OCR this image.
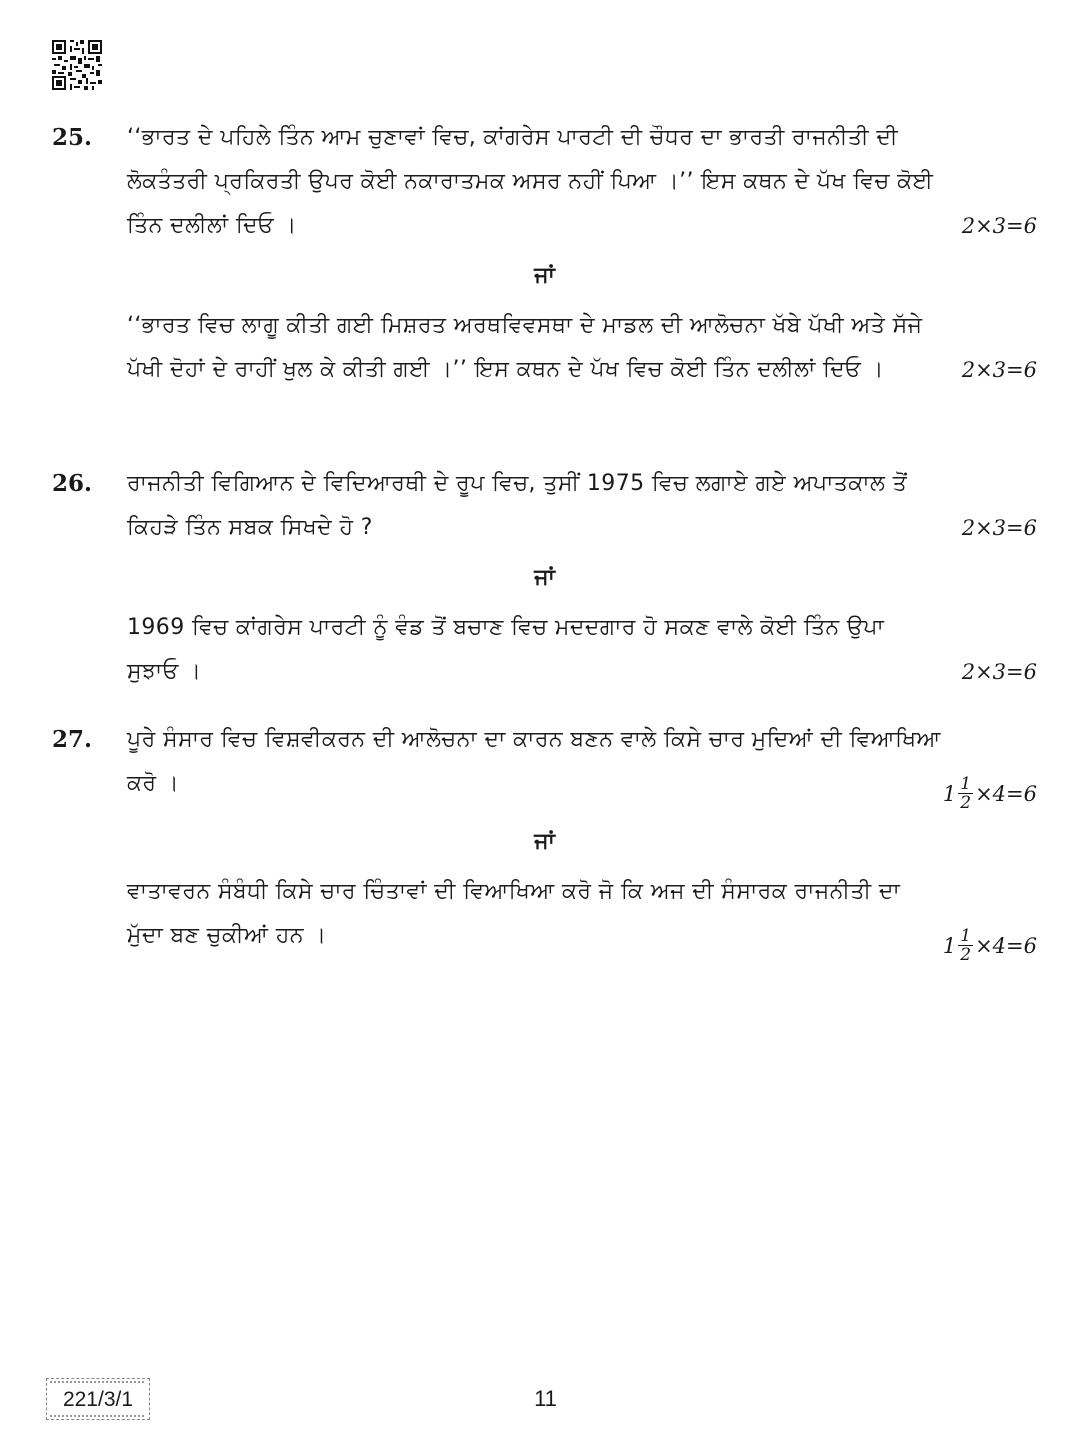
25. ‘‘ਭਾਰਤ ਦੇ ਪਹਿਲੇ ਤਿੰਨ ਆਮ ਚੁਣਾਵਾਂ ਵਿਚ, ਕਾਂਗਰੇਸ ਪਾਰਟੀ ਦੀ ਚੌਧਰ ਦਾ ਭਾਰਤੀ ਰਾਜਨੀਤੀ ਦੀ ਲੋਕਤੰਤਰੀ ਪ੍ਰਕਿਰਤੀ ਉਪਰ ਕੋਈ ਨਕਾਰਾਤਮਕ ਅਸਰ ਨਹੀਂ ਪਿਆ ।’’ ਇਸ ਕਥਨ ਦੇ ਪੱਖ ਵਿਚ ਕੋਈ ਤਿੰਨ ਦਲੀਲਾਂ ਦਿਓ ।	2×3=6
ਜਾਂ
‘‘ਭਾਰਤ ਵਿਚ ਲਾਗੂ ਕੀਤੀ ਗਈ ਮਿਸ਼ਰਤ ਅਰਥਵਿਵਸਥਾ ਦੇ ਮਾਡਲ ਦੀ ਆਲੋਚਨਾ ਖੱਬੇ ਪੱਖੀ ਅਤੇ ਸੱਜੇ ਪੱਖੀ ਦੋਹਾਂ ਦੇ ਰਾਹੀਂ ਖੁਲ ਕੇ ਕੀਤੀ ਗਈ ।’’ ਇਸ ਕਥਨ ਦੇ ਪੱਖ ਵਿਚ ਕੋਈ ਤਿੰਨ ਦਲੀਲਾਂ ਦਿਓ ।	2×3=6
26. ਰਾਜਨੀਤੀ ਵਿਗਿਆਨ ਦੇ ਵਿਦਿਆਰਥੀ ਦੇ ਰੂਪ ਵਿਚ, ਤੁਸੀਂ 1975 ਵਿਚ ਲਗਾਏ ਗਏ ਅਪਾਤਕਾਲ ਤੋਂ ਕਿਹੜੇ ਤਿੰਨ ਸਬਕ ਸਿਖਦੇ ਹੋ ?	2×3=6
ਜਾਂ
1969 ਵਿਚ ਕਾਂਗਰੇਸ ਪਾਰਟੀ ਨੂੰ ਵੰਡ ਤੋਂ ਬਚਾਣ ਵਿਚ ਮਦਦਗਾਰ ਹੋ ਸਕਣ ਵਾਲੇ ਕੋਈ ਤਿੰਨ ਉਪਾ ਸੁਝਾਓ ।	2×3=6
27. ਪੂਰੇ ਸੰਸਾਰ ਵਿਚ ਵਿਸ਼ਵੀਕਰਨ ਦੀ ਆਲੋਚਨਾ ਦਾ ਕਾਰਨ ਬਣਨ ਵਾਲੇ ਕਿਸੇ ਚਾਰ ਮੁਦਿਆਂ ਦੀ ਵਿਆਖਿਆ ਕਰੋ ।	$1 \frac{1}{2} \times 4=6$
ਜਾਂ
ਵਾਤਾਵਰਨ ਸੰਬੰਧੀ ਕਿਸੇ ਚਾਰ ਚਿੰਤਾਵਾਂ ਦੀ ਵਿਆਖਿਆ ਕਰੋ ਜੋ ਕਿ ਅਜ ਦੀ ਸੰਸਾਰਕ ਰਾਜਨੀਤੀ ਦਾ ਮੁੱਦਾ ਬਣ ਚੁਕੀਆਂ ਹਨ ।	$1 \frac{1}{2} \times 4=6$
221/3/1	11
